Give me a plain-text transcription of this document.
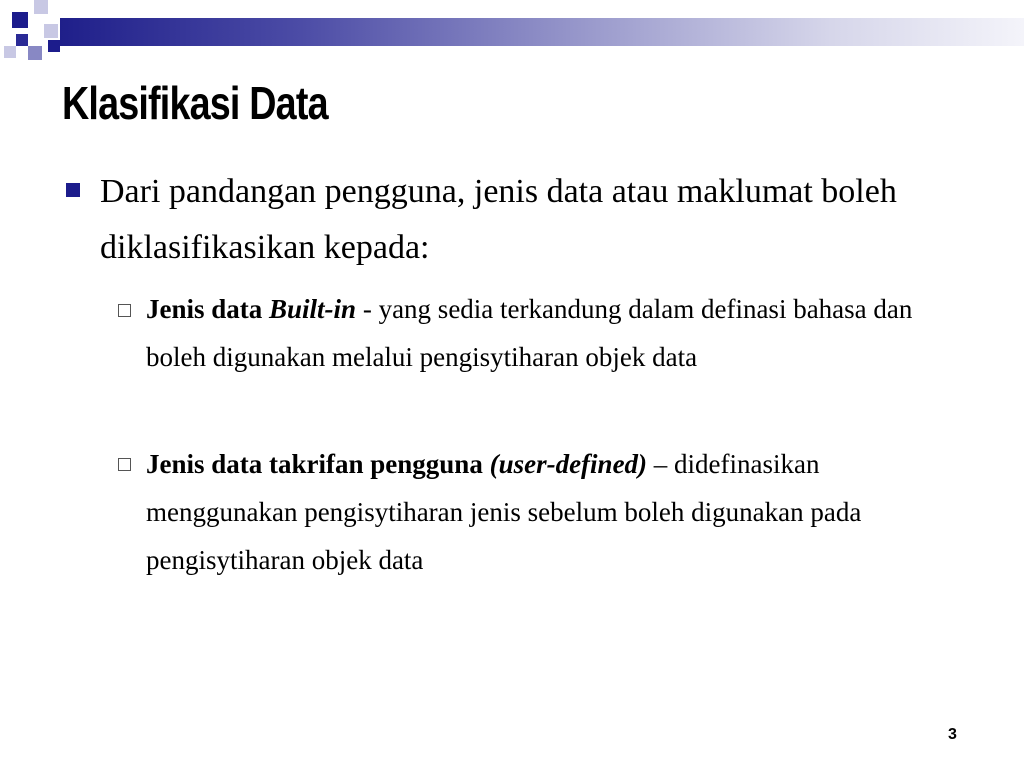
Klasifikasi Data

Dari pandangan pengguna, jenis data atau maklumat boleh diklasifikasikan kepada:

Jenis data Built-in - yang sedia terkandung dalam definasi bahasa dan boleh digunakan melalui pengisytiharan objek data

Jenis data takrifan pengguna (user-defined) – didefinasikan menggunakan pengisytiharan jenis sebelum boleh digunakan pada pengisytiharan objek data

3
